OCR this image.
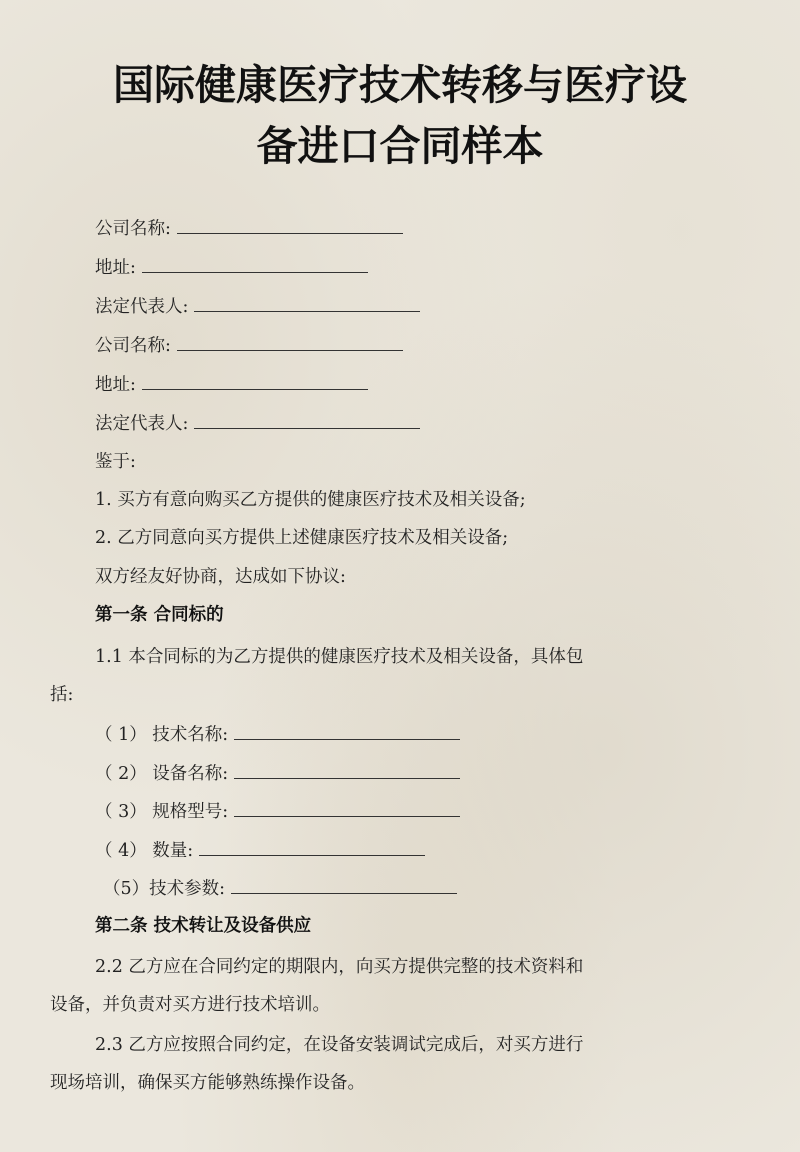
国际健康医疗技术转移与医疗设
备进口合同样本
公司名称:
地址:
法定代表人:
公司名称:
地址:
法定代表人:
鉴于:
1. 买方有意向购买乙方提供的健康医疗技术及相关设备;
2. 乙方同意向买方提供上述健康医疗技术及相关设备;
双方经友好协商，达成如下协议:
第一条 合同标的
1.1 本合同标的为乙方提供的健康医疗技术及相关设备，具体包
括:
（ 1） 技术名称:
（ 2） 设备名称:
（ 3） 规格型号:
（ 4） 数量:
（5）技术参数:
第二条 技术转让及设备供应
2.2 乙方应在合同约定的期限内，向买方提供完整的技术资料和
设备，并负责对买方进行技术培训。
2.3 乙方应按照合同约定，在设备安装调试完成后，对买方进行
现场培训，确保买方能够熟练操作设备。
